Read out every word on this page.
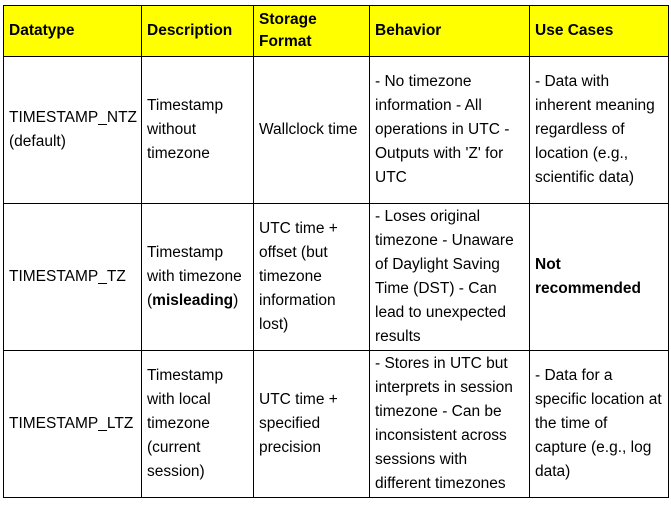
Datatype	Description	Storage Format	Behavior	Use Cases
TIMESTAMP_NTZ (default)	Timestamp without timezone	Wallclock time	- No timezone information - All operations in UTC - Outputs with 'Z' for UTC	- Data with inherent meaning regardless of location (e.g., scientific data)
TIMESTAMP_TZ	Timestamp with timezone (misleading)	UTC time + offset (but timezone information lost)	- Loses original timezone - Unaware of Daylight Saving Time (DST) - Can lead to unexpected results	Not recommended
TIMESTAMP_LTZ	Timestamp with local timezone (current session)	UTC time + specified precision	- Stores in UTC but interprets in session timezone - Can be inconsistent across sessions with different timezones	- Data for a specific location at the time of capture (e.g., log data)
